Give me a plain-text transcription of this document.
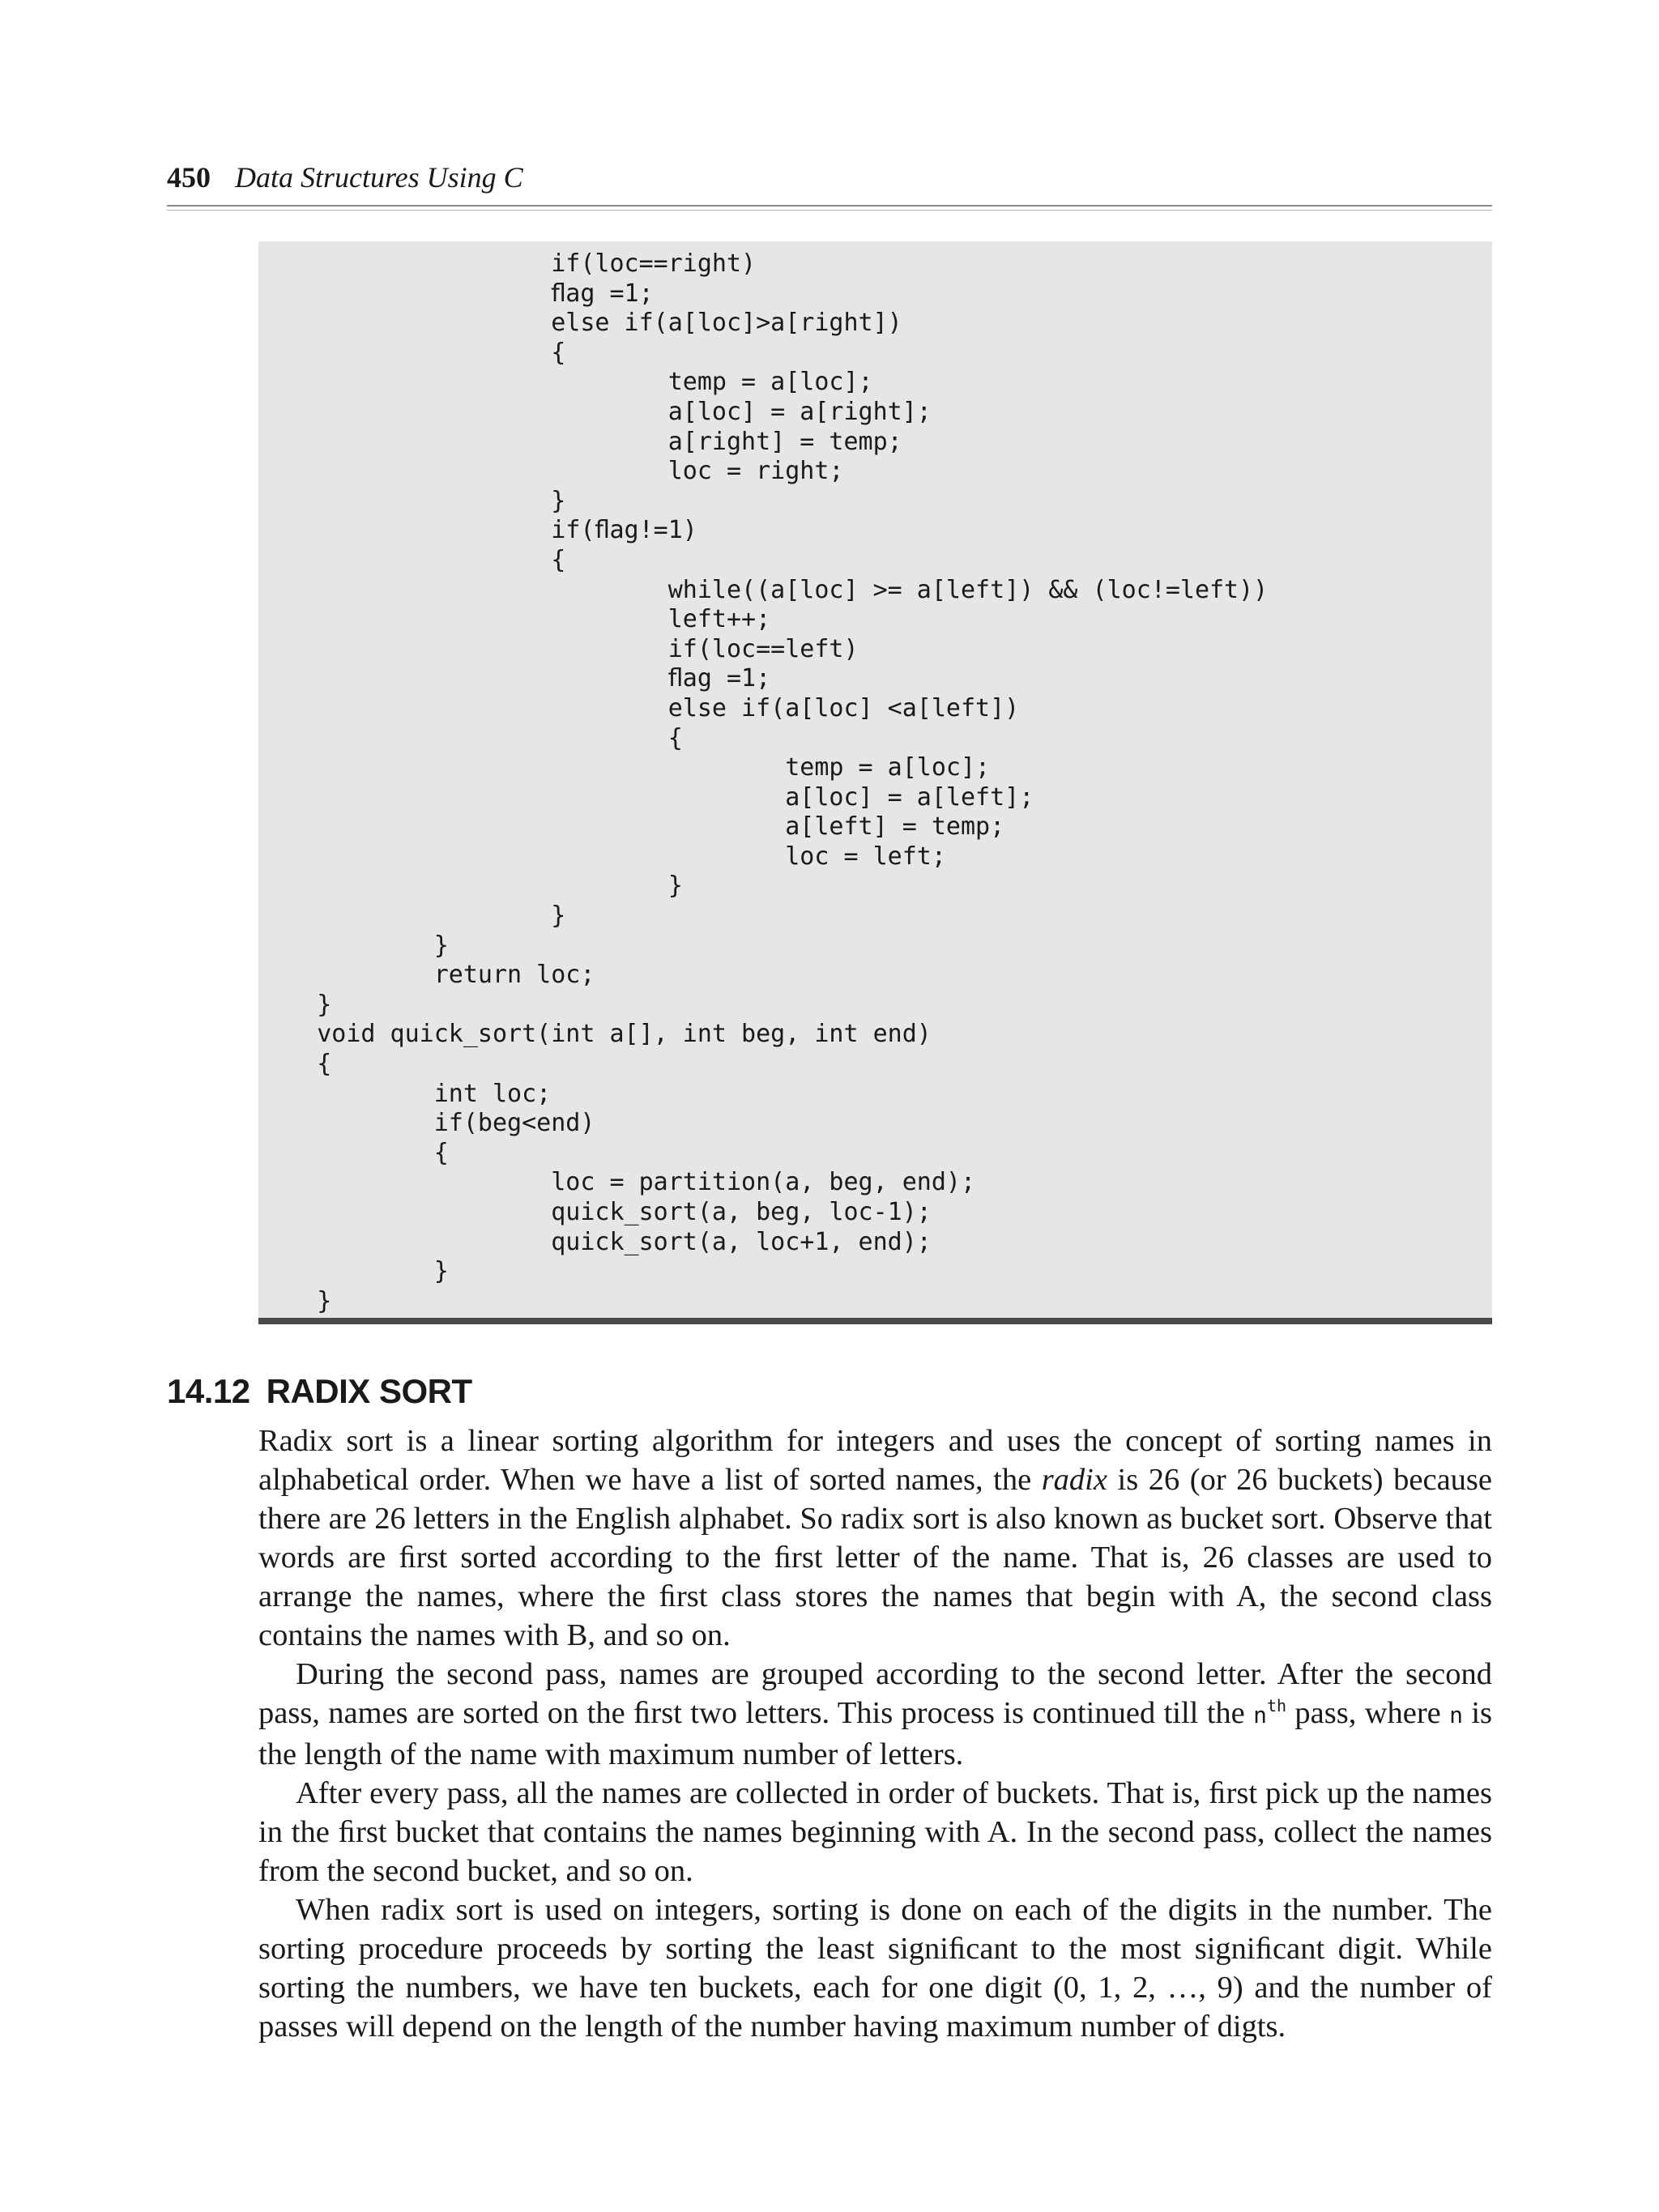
450 Data Structures Using C
if(loc==right)
ﬂag =1;
else if(a[loc]>a[right])
{
temp = a[loc];
a[loc] = a[right];
a[right] = temp;
loc = right;
}
if(ﬂag!=1)
{
while((a[loc] >= a[left]) && (loc!=left))
left++;
if(loc==left)
ﬂag =1;
else if(a[loc] <a[left])
{
temp = a[loc];
a[loc] = a[left];
a[left] = temp;
loc = left;
}
}
}
return loc;
}
void quick_sort(int a[], int beg, int end)
{
int loc;
if(beg<end)
{
loc = partition(a, beg, end);
quick_sort(a, beg, loc-1);
quick_sort(a, loc+1, end);
}
}
14.12 RADIX SORT

Radix sort is a linear sorting algorithm for integers and uses the concept of sorting names in alphabetical order. When we have a list of sorted names, the radix is 26 (or 26 buckets) because there are 26 letters in the English alphabet. So radix sort is also known as bucket sort. Observe that words are ﬁrst sorted according to the ﬁrst letter of the name. That is, 26 classes are used to arrange the names, where the ﬁrst class stores the names that begin with A, the second class contains the names with B, and so on.

During the second pass, names are grouped according to the second letter. After the second pass, names are sorted on the ﬁrst two letters. This process is continued till the $n^{th}$ pass, where n is the length of the name with maximum number of letters.

After every pass, all the names are collected in order of buckets. That is, ﬁrst pick up the names in the ﬁrst bucket that contains the names beginning with A. In the second pass, collect the names from the second bucket, and so on.

When radix sort is used on integers, sorting is done on each of the digits in the number. The sorting procedure proceeds by sorting the least signiﬁcant to the most signiﬁcant digit. While sorting the numbers, we have ten buckets, each for one digit (0, 1, 2, …, 9) and the number of passes will depend on the length of the number having maximum number of digts.
